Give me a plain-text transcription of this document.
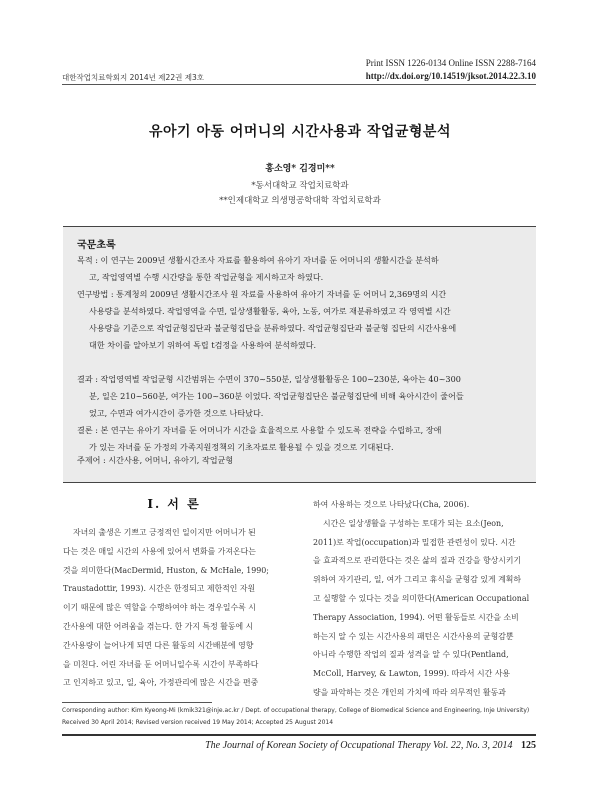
대한작업치료학회지 2014년 제22권 제3호
Print ISSN 1226-0134 Online ISSN 2288-7164
http://dx.doi.org/10.14519/jksot.2014.22.3.10
유아기 아동 어머니의 시간사용과 작업균형분석
홍소영* 김경미**
*동서대학교 작업치료학과
**인제대학교 의생명공학대학 작업치료학과
국문초록
목적 : 이 연구는 2009년 생활시간조사 자료를 활용하여 유아기 자녀를 둔 어머니의 생활시간을 분석하
고, 작업영역별 수행 시간량을 통한 작업균형을 제시하고자 하였다.
연구방법 : 통계청의 2009년 생활시간조사 원 자료를 사용하여 유아기 자녀를 둔 어머니 2,369명의 시간
사용량을 분석하였다. 작업영역을 수면, 일상생활활동, 육아, 노동, 여가로 재분류하였고 각 영역별 시간
사용량을 기준으로 작업균형집단과 불균형집단을 분류하였다. 작업균형집단과 불균형 집단의 시간사용에
대한 차이를 알아보기 위하여 독립 t검정을 사용하여 분석하였다.
결과 : 작업영역별 작업균형 시간범위는 수면이 370~550분, 일상생활활동은 100~230분, 육아는 40~300
분, 일은 210~560분, 여가는 100~360분 이었다. 작업균형집단은 불균형집단에 비해 육아시간이 줄어들
었고, 수면과 여가시간이 증가한 것으로 나타났다.
결론 : 본 연구는 유아기 자녀를 둔 어머니가 시간을 효율적으로 사용할 수 있도록 전략을 수립하고, 장애
가 있는 자녀를 둔 가정의 가족지원정책의 기초자료로 활용될 수 있을 것으로 기대된다.
주제어 : 시간사용, 어머니, 유아기, 작업균형
Ⅰ. 서 론
자녀의 출생은 기쁘고 긍정적인 일이지만 어머니가 된
다는 것은 매일 시간의 사용에 있어서 변화를 가져온다는
것을 의미한다(MacDermid, Huston, & McHale, 1990;
Traustadottir, 1993). 시간은 한정되고 제한적인 자원
이기 때문에 많은 역할을 수행하여야 하는 경우일수록 시
간사용에 대한 어려움을 겪는다. 한 가지 특정 활동에 시
간사용량이 늘어나게 되면 다른 활동의 시간배분에 영향
을 미친다. 어린 자녀를 둔 어머니일수록 시간이 부족하다
고 인지하고 있고, 일, 육아, 가정관리에 많은 시간을 편중
하여 사용하는 것으로 나타났다(Cha, 2006).
시간은 일상생활을 구성하는 토대가 되는 요소(Jeon,
2011)로 작업(occupation)과 밀접한 관련성이 있다. 시간
을 효과적으로 관리한다는 것은 삶의 질과 건강을 향상시키기
위하여 자기관리, 일, 여가 그리고 휴식을 균형감 있게 계획하
고 실행할 수 있다는 것을 의미한다(American Occupational
Therapy Association, 1994). 어떤 활동들로 시간을 소비
하는지 알 수 있는 시간사용의 패턴은 시간사용의 균형감뿐
아니라 수행한 작업의 질과 성격을 알 수 있다(Pentland,
McColl, Harvey, & Lawton, 1999). 따라서 시간 사용
량을 파악하는 것은 개인의 가치에 따라 의무적인 활동과
Corresponding author: Kim Kyeong-Mi (kmik321@inje.ac.kr / Dept. of occupational therapy, College of Biomedical Science and Engineering, Inje University)
Received 30 April 2014; Revised version received 19 May 2014; Accepted 25 August 2014
The Journal of Korean Society of Occupational Therapy Vol. 22, No. 3, 2014 125
